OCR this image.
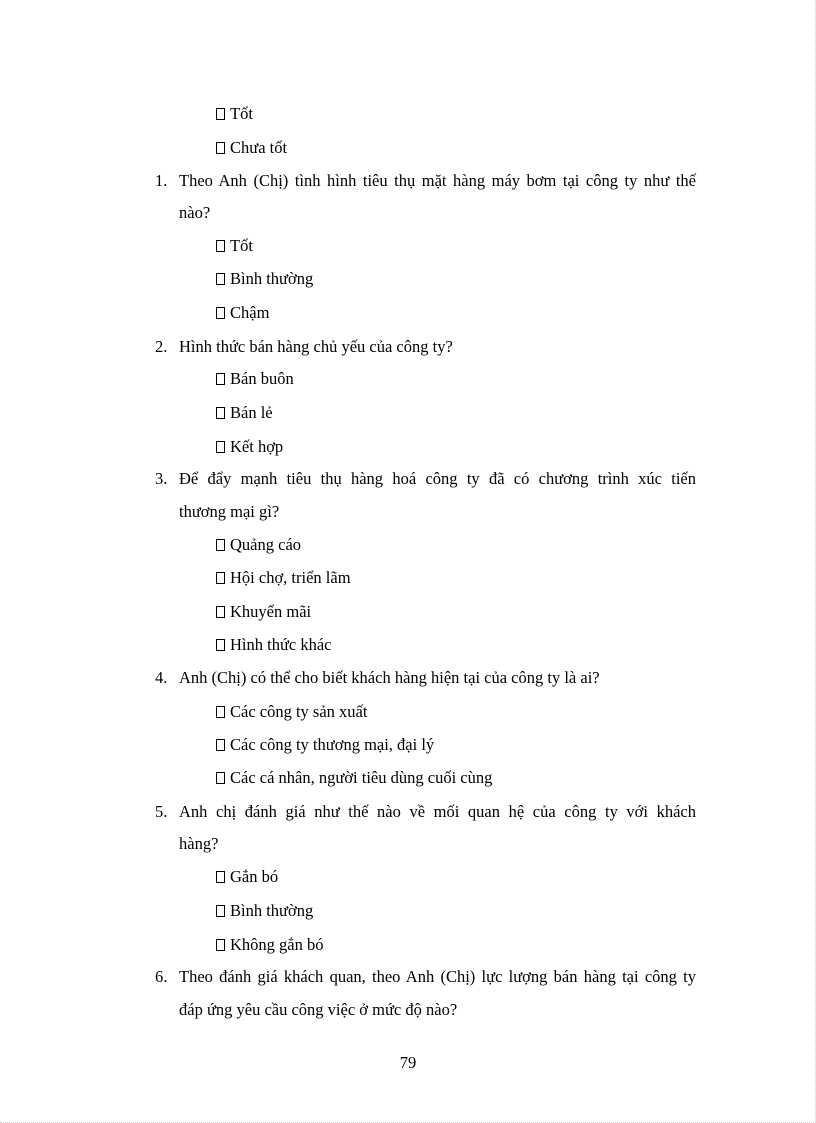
Tốt
Chưa tốt
1. Theo Anh (Chị) tình hình tiêu thụ mặt hàng máy bơm tại công ty như thế
nào?
Tốt
Bình thường
Chậm
2. Hình thức bán hàng chủ yếu của công ty?
Bán buôn
Bán lẻ
Kết hợp
3. Để đẩy mạnh tiêu thụ hàng hoá công ty đã có chương trình xúc tiến
thương mại gì?
Quảng cáo
Hội chợ, triển lãm
Khuyến mãi
Hình thức khác
4. Anh (Chị) có thể cho biết khách hàng hiện tại của công ty là ai?
Các công ty sản xuất
Các công ty thương mại, đại lý
Các cá nhân, người tiêu dùng cuối cùng
5. Anh chị đánh giá như thế nào về mối quan hệ của công ty với khách
hàng?
Gắn bó
Bình thường
Không gắn bó
6. Theo đánh giá khách quan, theo Anh (Chị) lực lượng bán hàng tại công ty
đáp ứng yêu cầu công việc ở mức độ nào?
79
